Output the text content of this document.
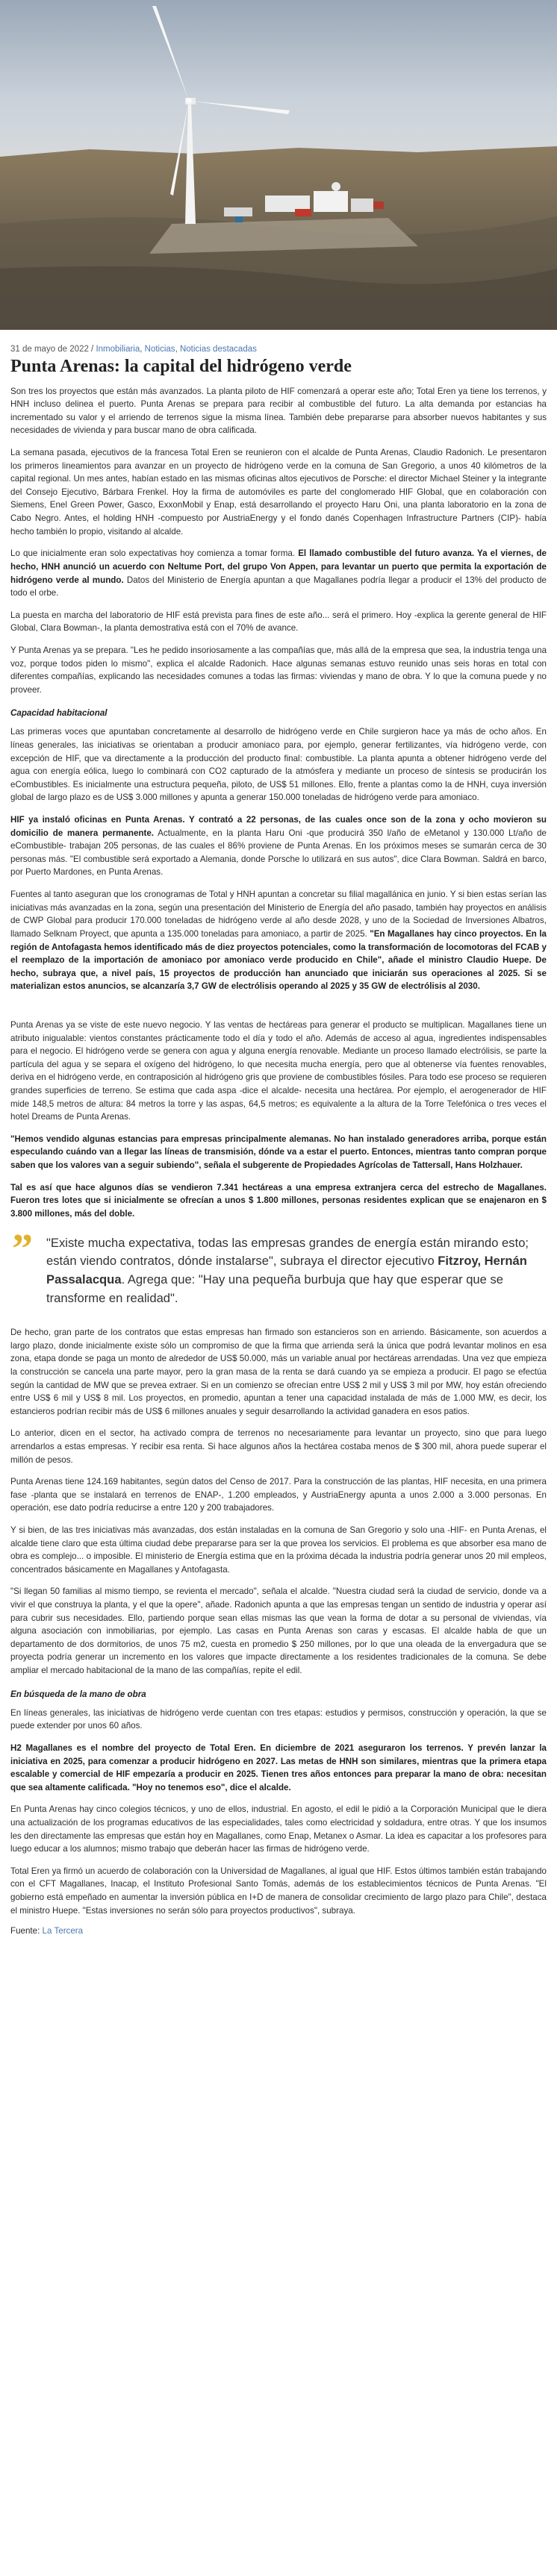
31 de mayo de 2022 / Inmobiliaria, Noticias, Noticias destacadas
Punta Arenas: la capital del hidrógeno verde

Son tres los proyectos que están más avanzados. La planta piloto de HIF comenzará a operar este año; Total Eren ya tiene los terrenos, y HNH incluso delinea el puerto. Punta Arenas se prepara para recibir al combustible del futuro. La alta demanda por estancias ha incrementado su valor y el arriendo de terrenos sigue la misma línea. También debe prepararse para absorber nuevos habitantes y sus necesidades de vivienda y para buscar mano de obra calificada.

La semana pasada, ejecutivos de la francesa Total Eren se reunieron con el alcalde de Punta Arenas, Claudio Radonich. Le presentaron los primeros lineamientos para avanzar en un proyecto de hidrógeno verde en la comuna de San Gregorio, a unos 40 kilómetros de la capital regional. Un mes antes, habían estado en las mismas oficinas altos ejecutivos de Porsche: el director Michael Steiner y la integrante del Consejo Ejecutivo, Bárbara Frenkel. Hoy la firma de automóviles es parte del conglomerado HIF Global, que en colaboración con Siemens, Enel Green Power, Gasco, ExxonMobil y Enap, está desarrollando el proyecto Haru Oni, una planta laboratorio en la zona de Cabo Negro. Antes, el holding HNH -compuesto por AustriaEnergy y el fondo danés Copenhagen Infrastructure Partners (CIP)- había hecho también lo propio, visitando al alcalde.

Lo que inicialmente eran solo expectativas hoy comienza a tomar forma. El llamado combustible del futuro avanza. Ya el viernes, de hecho, HNH anunció un acuerdo con Neltume Port, del grupo Von Appen, para levantar un puerto que permita la exportación de hidrógeno verde al mundo. Datos del Ministerio de Energía apuntan a que Magallanes podría llegar a producir el 13% del producto de todo el orbe.

La puesta en marcha del laboratorio de HIF está prevista para fines de este año... será el primero. Hoy -explica la gerente general de HIF Global, Clara Bowman-, la planta demostrativa está con el 70% de avance.

Y Punta Arenas ya se prepara. "Les he pedido insoriosamente a las compañías que, más allá de la empresa que sea, la industria tenga una voz, porque todos piden lo mismo", explica el alcalde Radonich. Hace algunas semanas estuvo reunido unas seis horas en total con diferentes compañías, explicando las necesidades comunes a todas las firmas: viviendas y mano de obra. Y lo que la comuna puede y no proveer.

Capacidad habitacional

Las primeras voces que apuntaban concretamente al desarrollo de hidrógeno verde en Chile surgieron hace ya más de ocho años. En líneas generales, las iniciativas se orientaban a producir amoniaco para, por ejemplo, generar fertilizantes, vía hidrógeno verde, con excepción de HIF, que va directamente a la producción del producto final: combustible. La planta apunta a obtener hidrógeno verde del agua con energía eólica, luego lo combinará con CO2 capturado de la atmósfera y mediante un proceso de síntesis se producirán los eCombustibles. Es inicialmente una estructura pequeña, piloto, de US$ 51 millones. Ello, frente a plantas como la de HNH, cuya inversión global de largo plazo es de US$ 3.000 millones y apunta a generar 150.000 toneladas de hidrógeno verde para amoniaco.

HIF ya instaló oficinas en Punta Arenas. Y contrató a 22 personas, de las cuales once son de la zona y ocho movieron su domicilio de manera permanente. Actualmente, en la planta Haru Oni -que producirá 350 l/año de eMetanol y 130.000 Lt/año de eCombustible- trabajan 205 personas, de las cuales el 86% proviene de Punta Arenas. En los próximos meses se sumarán cerca de 30 personas más. "El combustible será exportado a Alemania, donde Porsche lo utilizará en sus autos", dice Clara Bowman. Saldrá en barco, por Puerto Mardones, en Punta Arenas.

Fuentes al tanto aseguran que los cronogramas de Total y HNH apuntan a concretar su filial magallánica en junio. Y si bien estas serían las iniciativas más avanzadas en la zona, según una presentación del Ministerio de Energía del año pasado, también hay proyectos en análisis de CWP Global para producir 170.000 toneladas de hidrógeno verde al año desde 2028, y uno de la Sociedad de Inversiones Albatros, llamado Selknam Proyect, que apunta a 135.000 toneladas para amoniaco, a partir de 2025. "En Magallanes hay cinco proyectos. En la región de Antofagasta hemos identificado más de diez proyectos potenciales, como la transformación de locomotoras del FCAB y el reemplazo de la importación de amoniaco por amoniaco verde producido en Chile", añade el ministro Claudio Huepe. De hecho, subraya que, a nivel país, 15 proyectos de producción han anunciado que iniciarán sus operaciones al 2025. Si se materializan estos anuncios, se alcanzaría 3,7 GW de electrólisis operando al 2025 y 35 GW de electrólisis al 2030.

Punta Arenas ya se viste de este nuevo negocio. Y las ventas de hectáreas para generar el producto se multiplican. Magallanes tiene un atributo inigualable: vientos constantes prácticamente todo el día y todo el año. Además de acceso al agua, ingredientes indispensables para el negocio. El hidrógeno verde se genera con agua y alguna energía renovable. Mediante un proceso llamado electrólisis, se parte la partícula del agua y se separa el oxígeno del hidrógeno, lo que necesita mucha energía, pero que al obtenerse vía fuentes renovables, deriva en el hidrógeno verde, en contraposición al hidrógeno gris que proviene de combustibles fósiles. Para todo ese proceso se requieren grandes superficies de terreno. Se estima que cada aspa -dice el alcalde- necesita una hectárea. Por ejemplo, el aerogenerador de HIF mide 148,5 metros de altura: 84 metros la torre y las aspas, 64,5 metros; es equivalente a la altura de la Torre Telefónica o tres veces el hotel Dreams de Punta Arenas.

"Hemos vendido algunas estancias para empresas principalmente alemanas. No han instalado generadores arriba, porque están especulando cuándo van a llegar las líneas de transmisión, dónde va a estar el puerto. Entonces, mientras tanto compran porque saben que los valores van a seguir subiendo", señala el subgerente de Propiedades Agrícolas de Tattersall, Hans Holzhauer.

Tal es así que hace algunos días se vendieron 7.341 hectáreas a una empresa extranjera cerca del estrecho de Magallanes. Fueron tres lotes que si inicialmente se ofrecían a unos $ 1.800 millones, personas residentes explican que se enajenaron en $ 3.800 millones, más del doble.

”	"Existe mucha expectativa, todas las empresas grandes de energía están mirando esto; están viendo contratos, dónde instalarse", subraya el director ejecutivo Fitzroy, Hernán Passalacqua. Agrega que: "Hay una pequeña burbuja que hay que esperar que se transforme en realidad".

De hecho, gran parte de los contratos que estas empresas han firmado son estancieros son en arriendo. Básicamente, son acuerdos a largo plazo, donde inicialmente existe sólo un compromiso de que la firma que arrienda será la única que podrá levantar molinos en esa zona, etapa donde se paga un monto de alrededor de US$ 50.000, más un variable anual por hectáreas arrendadas. Una vez que empieza la construcción se cancela una parte mayor, pero la gran masa de la renta se dará cuando ya se empieza a producir. El pago se efectúa según la cantidad de MW que se prevea extraer. Si en un comienzo se ofrecían entre US$ 2 mil y US$ 3 mil por MW, hoy están ofreciendo entre US$ 6 mil y US$ 8 mil. Los proyectos, en promedio, apuntan a tener una capacidad instalada de más de 1.000 MW, es decir, los estancieros podrían recibir más de US$ 6 millones anuales y seguir desarrollando la actividad ganadera en esos patios.

Lo anterior, dicen en el sector, ha activado compra de terrenos no necesariamente para levantar un proyecto, sino que para luego arrendarlos a estas empresas. Y recibir esa renta. Si hace algunos años la hectárea costaba menos de $ 300 mil, ahora puede superar el millón de pesos.

Punta Arenas tiene 124.169 habitantes, según datos del Censo de 2017. Para la construcción de las plantas, HIF necesita, en una primera fase -planta que se instalará en terrenos de ENAP-, 1.200 empleados, y AustriaEnergy apunta a unos 2.000 a 3.000 personas. En operación, ese dato podría reducirse a entre 120 y 200 trabajadores.

Y si bien, de las tres iniciativas más avanzadas, dos están instaladas en la comuna de San Gregorio y solo una -HIF- en Punta Arenas, el alcalde tiene claro que esta última ciudad debe prepararse para ser la que provea los servicios. El problema es que absorber esa mano de obra es complejo... o imposible. El ministerio de Energía estima que en la próxima década la industria podría generar unos 20 mil empleos, concentrados básicamente en Magallanes y Antofagasta.

"Si llegan 50 familias al mismo tiempo, se revienta el mercado", señala el alcalde. "Nuestra ciudad será la ciudad de servicio, donde va a vivir el que construya la planta, y el que la opere", añade. Radonich apunta a que las empresas tengan un sentido de industria y operar así para cubrir sus necesidades. Ello, partiendo porque sean ellas mismas las que vean la forma de dotar a su personal de viviendas, vía alguna asociación con inmobiliarias, por ejemplo. Las casas en Punta Arenas son caras y escasas. El alcalde habla de que un departamento de dos dormitorios, de unos 75 m2, cuesta en promedio $ 250 millones, por lo que una oleada de la envergadura que se proyecta podría generar un incremento en los valores que impacte directamente a los residentes tradicionales de la comuna. Se debe ampliar el mercado habitacional de la mano de las compañías, repite el edil.

En búsqueda de la mano de obra

En líneas generales, las iniciativas de hidrógeno verde cuentan con tres etapas: estudios y permisos, construcción y operación, la que se puede extender por unos 60 años.

H2 Magallanes es el nombre del proyecto de Total Eren. En diciembre de 2021 aseguraron los terrenos. Y prevén lanzar la iniciativa en 2025, para comenzar a producir hidrógeno en 2027. Las metas de HNH son similares, mientras que la primera etapa escalable y comercial de HIF empezaría a producir en 2025. Tienen tres años entonces para preparar la mano de obra: necesitan que sea altamente calificada. "Hoy no tenemos eso", dice el alcalde.

En Punta Arenas hay cinco colegios técnicos, y uno de ellos, industrial. En agosto, el edil le pidió a la Corporación Municipal que le diera una actualización de los programas educativos de las especialidades, tales como electricidad y soldadura, entre otras. Y que los insumos les den directamente las empresas que están hoy en Magallanes, como Enap, Metanex o Asmar. La idea es capacitar a los profesores para luego educar a los alumnos; mismo trabajo que deberán hacer las firmas de hidrógeno verde.

Total Eren ya firmó un acuerdo de colaboración con la Universidad de Magallanes, al igual que HIF. Estos últimos también están trabajando con el CFT Magallanes, Inacap, el Instituto Profesional Santo Tomás, además de los establecimientos técnicos de Punta Arenas. "El gobierno está empeñado en aumentar la inversión pública en I+D de manera de consolidar crecimiento de largo plazo para Chile", destaca el ministro Huepe. "Estas inversiones no serán sólo para proyectos productivos", subraya.

Fuente: La Tercera
